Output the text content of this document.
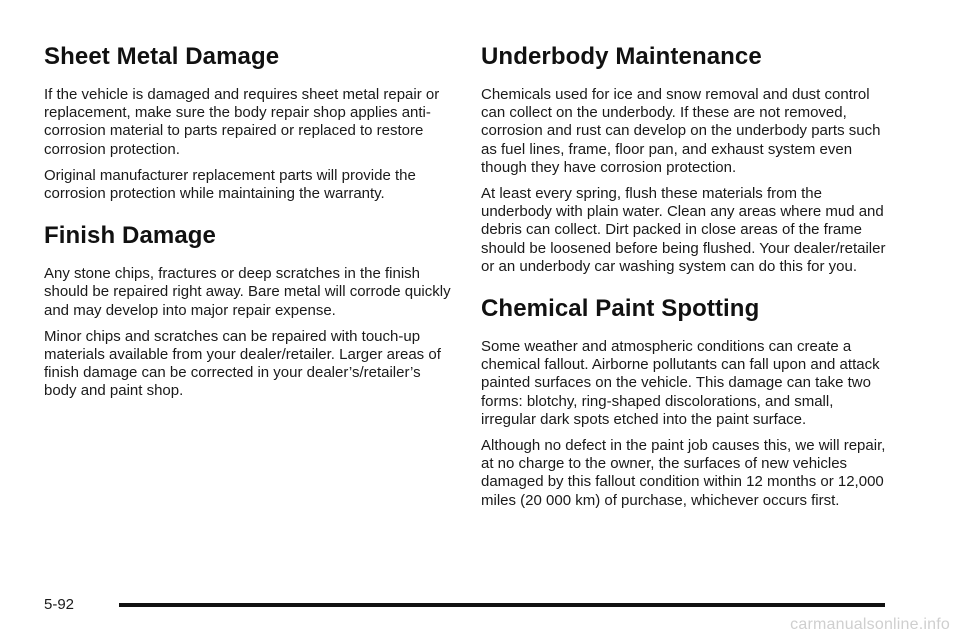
Sheet Metal Damage

If the vehicle is damaged and requires sheet metal repair or replacement, make sure the body repair shop applies anti-corrosion material to parts repaired or replaced to restore corrosion protection.

Original manufacturer replacement parts will provide the corrosion protection while maintaining the warranty.

Finish Damage

Any stone chips, fractures or deep scratches in the finish should be repaired right away. Bare metal will corrode quickly and may develop into major repair expense.

Minor chips and scratches can be repaired with touch-up materials available from your dealer/retailer. Larger areas of finish damage can be corrected in your dealer’s/retailer’s body and paint shop.

Underbody Maintenance

Chemicals used for ice and snow removal and dust control can collect on the underbody. If these are not removed, corrosion and rust can develop on the underbody parts such as fuel lines, frame, floor pan, and exhaust system even though they have corrosion protection.

At least every spring, flush these materials from the underbody with plain water. Clean any areas where mud and debris can collect. Dirt packed in close areas of the frame should be loosened before being flushed. Your dealer/retailer or an underbody car washing system can do this for you.

Chemical Paint Spotting

Some weather and atmospheric conditions can create a chemical fallout. Airborne pollutants can fall upon and attack painted surfaces on the vehicle. This damage can take two forms: blotchy, ring-shaped discolorations, and small, irregular dark spots etched into the paint surface.

Although no defect in the paint job causes this, we will repair, at no charge to the owner, the surfaces of new vehicles damaged by this fallout condition within 12 months or 12,000 miles (20 000 km) of purchase, whichever occurs first.

5-92
carmanualsonline.info
